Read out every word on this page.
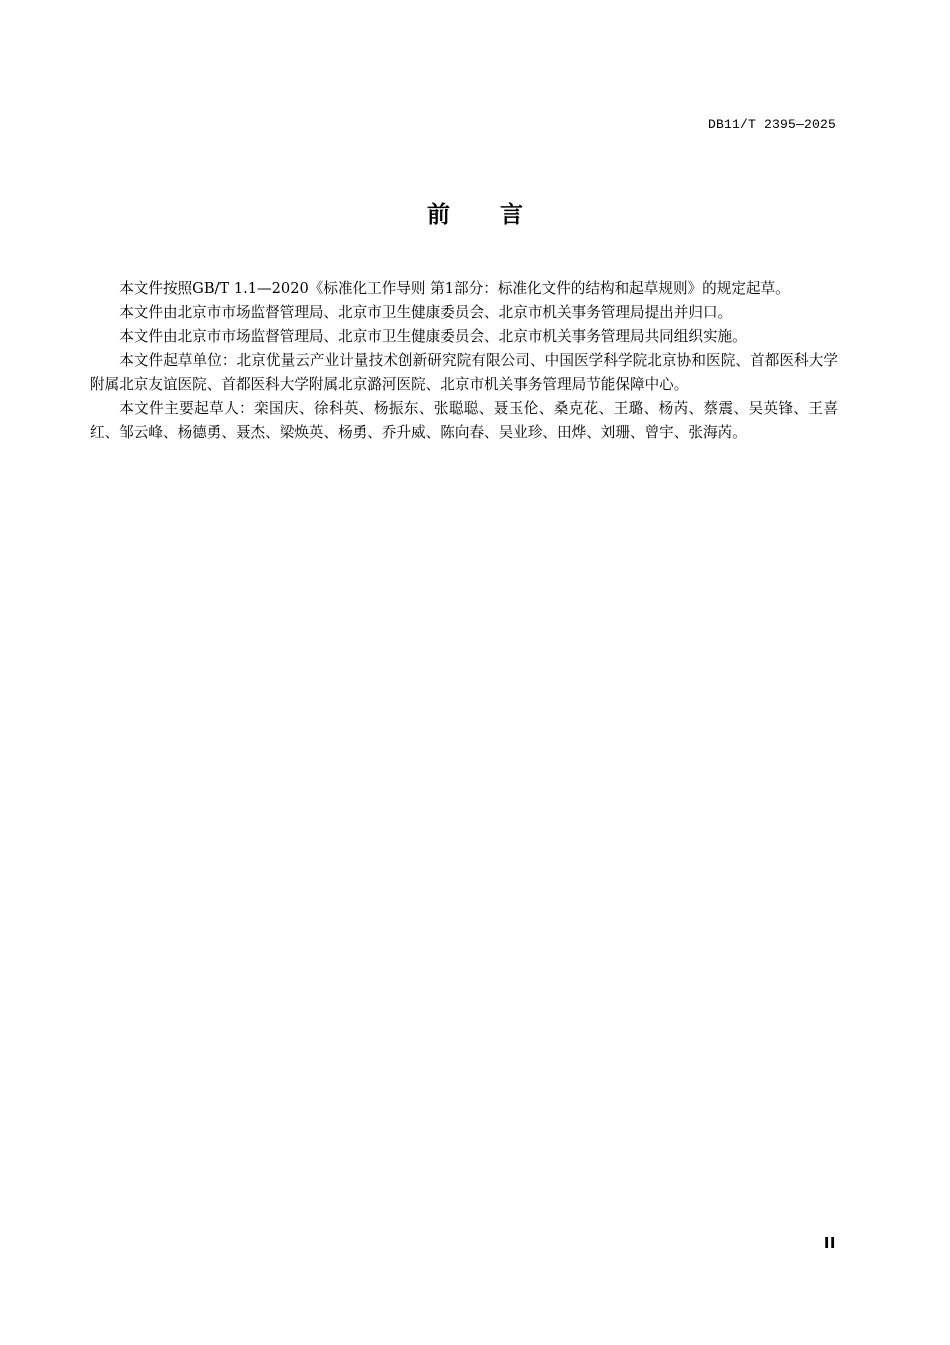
DB11/T 2395—2025
前言

本文件按照GB/T 1.1—2020《标准化工作导则 第1部分：标准化文件的结构和起草规则》的规定起草。

本文件由北京市市场监督管理局、北京市卫生健康委员会、北京市机关事务管理局提出并归口。

本文件由北京市市场监督管理局、北京市卫生健康委员会、北京市机关事务管理局共同组织实施。

本文件起草单位：北京优量云产业计量技术创新研究院有限公司、中国医学科学院北京协和医院、首都医科大学附属北京友谊医院、首都医科大学附属北京潞河医院、北京市机关事务管理局节能保障中心。

本文件主要起草人：栾国庆、徐科英、杨振东、张聪聪、聂玉伦、桑克花、王璐、杨芮、蔡震、吴英锋、王喜红、邹云峰、杨德勇、聂杰、梁焕英、杨勇、乔升威、陈向春、吴业珍、田烨、刘珊、曾宇、张海芮。

II
